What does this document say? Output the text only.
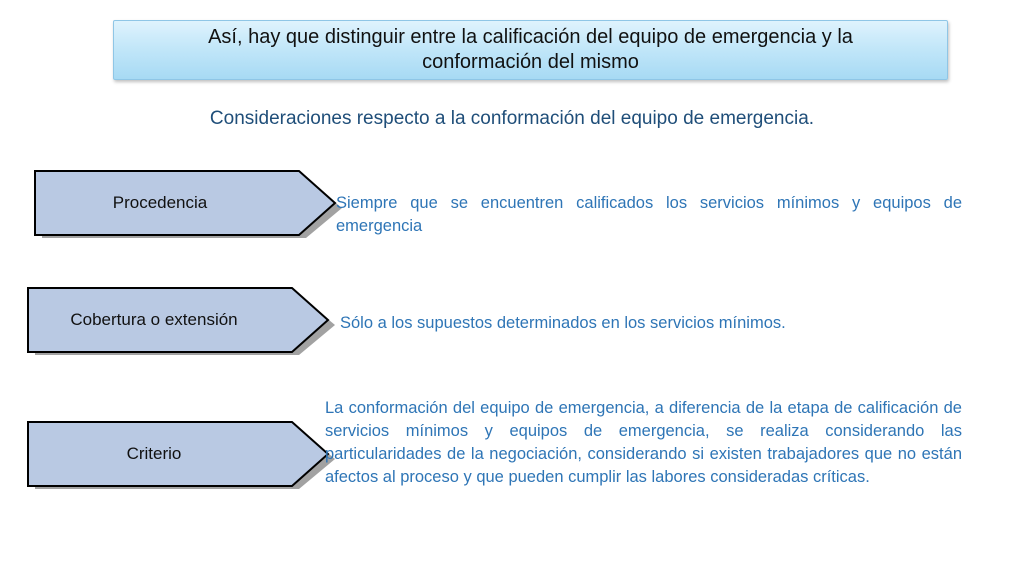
Así, hay que distinguir entre la calificación del equipo de emergencia y la conformación del mismo

Consideraciones respecto a la conformación del equipo de emergencia.

Procedencia	Siempre que se encuentren calificados los servicios mínimos y equipos de emergencia

Cobertura o extensión	Sólo a los supuestos determinados en los servicios mínimos.

Criterio

La conformación del equipo de emergencia, a diferencia de la etapa de calificación de servicios mínimos y equipos de emergencia, se realiza considerando las particularidades de la negociación, considerando si existen trabajadores que no están afectos al proceso y que pueden cumplir las labores consideradas críticas.
